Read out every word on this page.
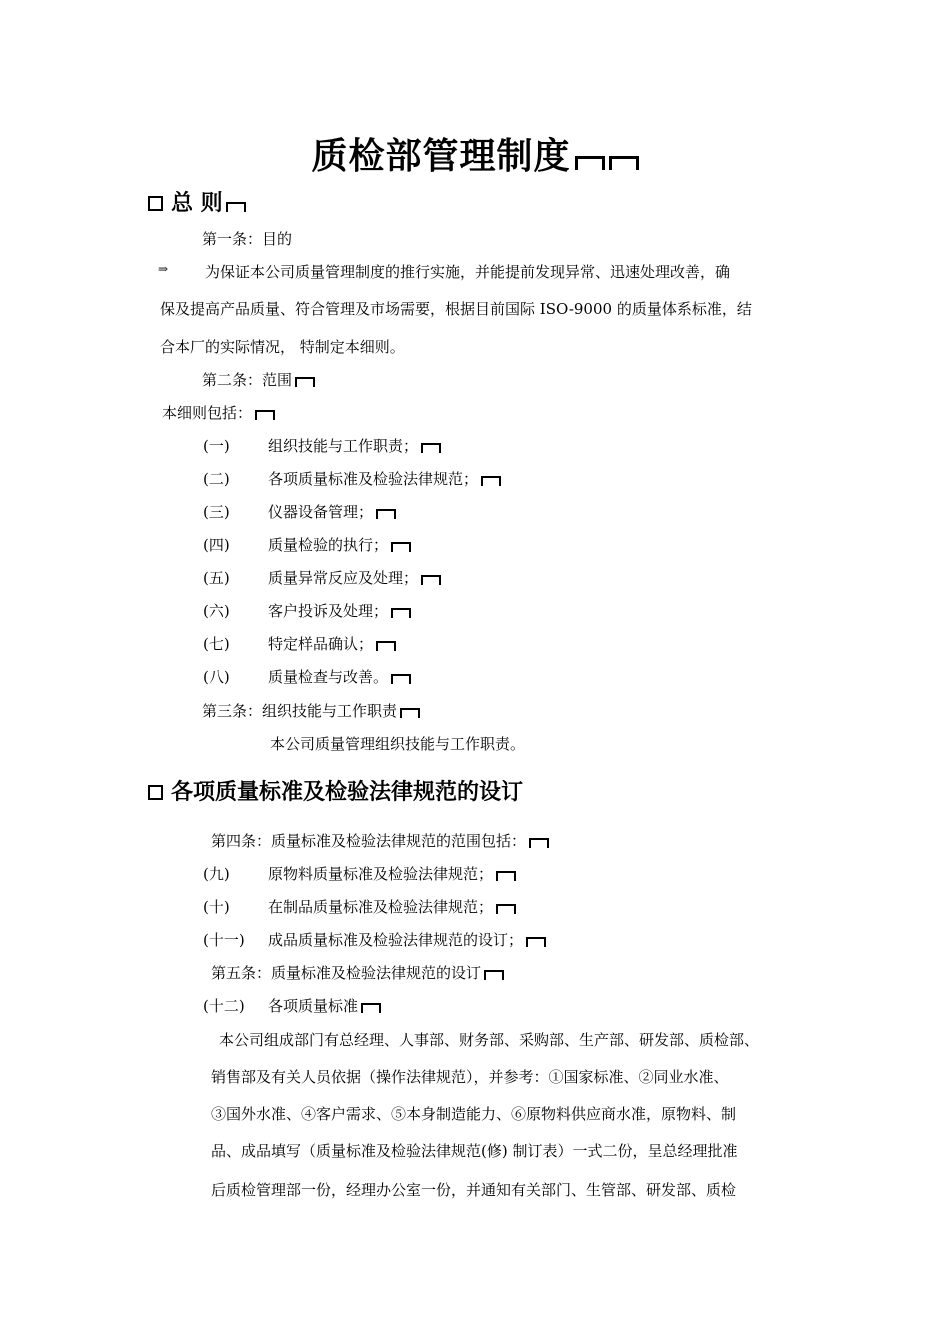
质检部管理制度
总 则
第一条：目的
⇒ 为保证本公司质量管理制度的推行实施，并能提前发现异常、迅速处理改善，确
保及提高产品质量、符合管理及市场需要，根据目前国际 ISO-9000 的质量体系标准，结
合本厂的实际情况， 特制定本细则。
第二条：范围
本细则包括：
(一)	组织技能与工作职责；
(二)	各项质量标准及检验法律规范；
(三)	仪器设备管理；
(四)	质量检验的执行；
(五)	质量异常反应及处理；
(六)	客户投诉及处理；
(七)	特定样品确认；
(八)	质量检查与改善。
第三条：组织技能与工作职责
本公司质量管理组织技能与工作职责。
各项质量标准及检验法律规范的设订
第四条：质量标准及检验法律规范的范围包括：
(九)	原物料质量标准及检验法律规范；
(十)	在制品质量标准及检验法律规范；
(十一) 成品质量标准及检验法律规范的设订；
第五条：质量标准及检验法律规范的设订
(十二) 各项质量标准
本公司组成部门有总经理、人事部、财务部、采购部、生产部、研发部、质检部、
销售部及有关人员依据（操作法律规范），并参考：①国家标准、②同业水准、
③国外水准、④客户需求、⑤本身制造能力、⑥原物料供应商水准，原物料、制
品、成品填写（质量标准及检验法律规范(修) 制订表）一式二份，呈总经理批准
后质检管理部一份，经理办公室一份，并通知有关部门、生管部、研发部、质检
